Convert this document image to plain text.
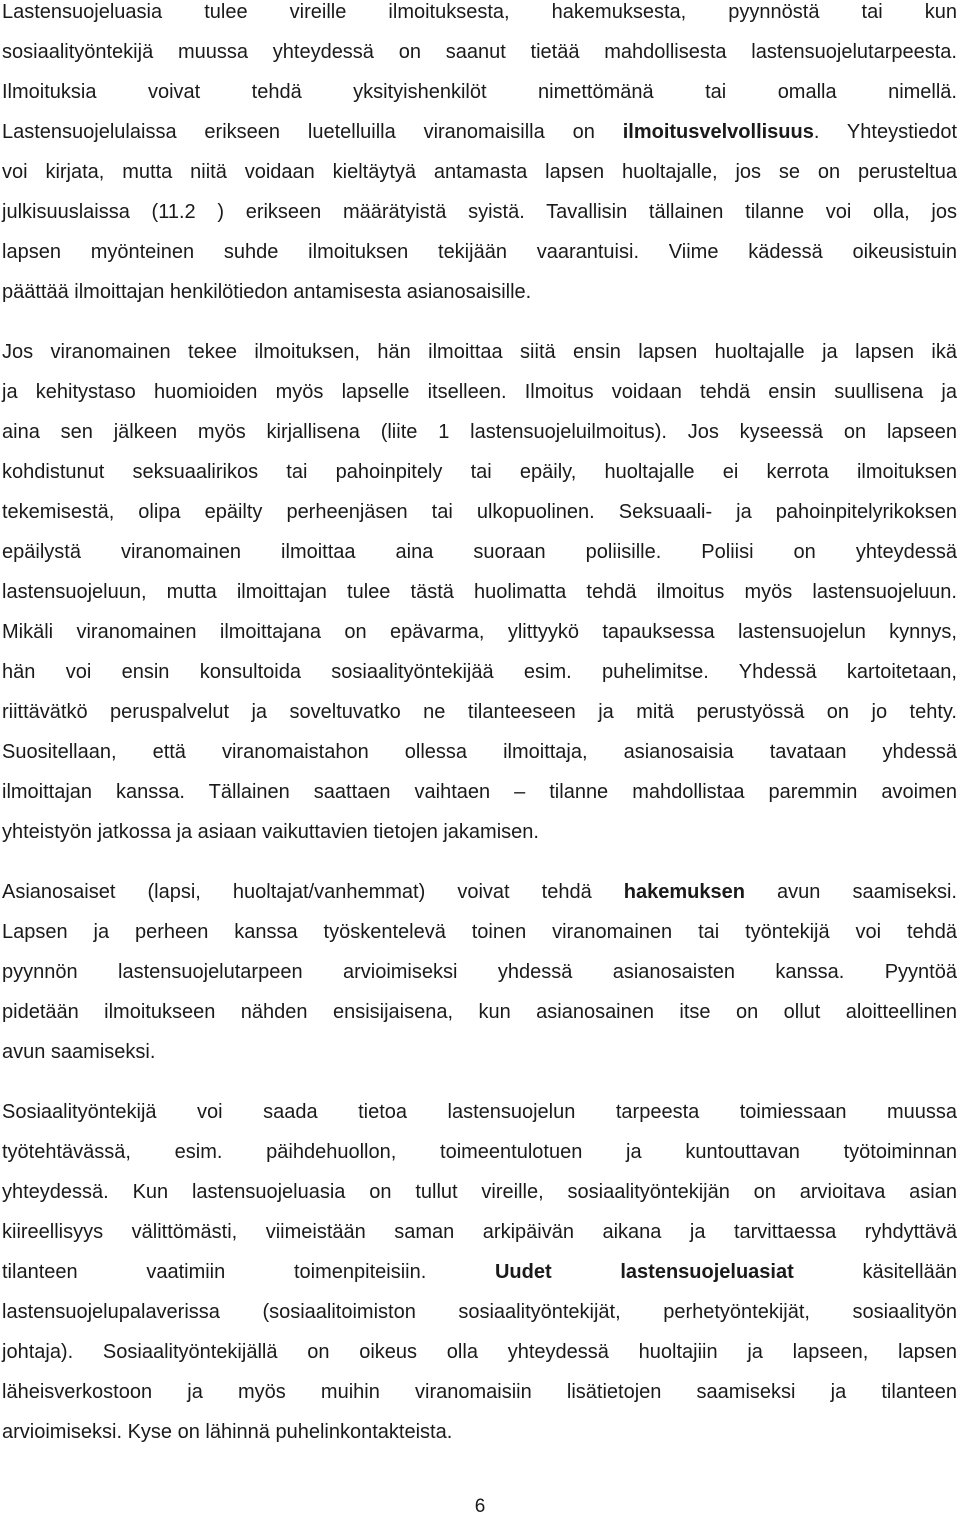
Lastensuojeluasia tulee vireille ilmoituksesta, hakemuksesta, pyynnöstä tai kun
sosiaalityöntekijä muussa yhteydessä on saanut tietää mahdollisesta lastensuojelutarpeesta.
Ilmoituksia voivat tehdä yksityishenkilöt nimettömänä tai omalla nimellä.
Lastensuojelulaissa erikseen luetelluilla viranomaisilla on ilmoitusvelvollisuus. Yhteystiedot
voi kirjata, mutta niitä voidaan kieltäytyä antamasta lapsen huoltajalle, jos se on perusteltua
julkisuuslaissa (11.2 ) erikseen määrätyistä syistä. Tavallisin tällainen tilanne voi olla, jos
lapsen myönteinen suhde ilmoituksen tekijään vaarantuisi. Viime kädessä oikeusistuin
päättää ilmoittajan henkilötiedon antamisesta asianosaisille.
Jos viranomainen tekee ilmoituksen, hän ilmoittaa siitä ensin lapsen huoltajalle ja lapsen ikä
ja kehitystaso huomioiden myös lapselle itselleen. Ilmoitus voidaan tehdä ensin suullisena ja
aina sen jälkeen myös kirjallisena (liite 1 lastensuojeluilmoitus). Jos kyseessä on lapseen
kohdistunut seksuaalirikos tai pahoinpitely tai epäily, huoltajalle ei kerrota ilmoituksen
tekemisestä, olipa epäilty perheenjäsen tai ulkopuolinen. Seksuaali- ja pahoinpitelyrikoksen
epäilystä viranomainen ilmoittaa aina suoraan poliisille. Poliisi on yhteydessä
lastensuojeluun, mutta ilmoittajan tulee tästä huolimatta tehdä ilmoitus myös lastensuojeluun.
Mikäli viranomainen ilmoittajana on epävarma, ylittyykö tapauksessa lastensuojelun kynnys,
hän voi ensin konsultoida sosiaalityöntekijää esim. puhelimitse. Yhdessä kartoitetaan,
riittävätkö peruspalvelut ja soveltuvatko ne tilanteeseen ja mitä perustyössä on jo tehty.
Suositellaan, että viranomaistahon ollessa ilmoittaja, asianosaisia tavataan yhdessä
ilmoittajan kanssa. Tällainen saattaen vaihtaen – tilanne mahdollistaa paremmin avoimen
yhteistyön jatkossa ja asiaan vaikuttavien tietojen jakamisen.
Asianosaiset (lapsi, huoltajat/vanhemmat) voivat tehdä hakemuksen avun saamiseksi.
Lapsen ja perheen kanssa työskentelevä toinen viranomainen tai työntekijä voi tehdä
pyynnön lastensuojelutarpeen arvioimiseksi yhdessä asianosaisten kanssa. Pyyntöä
pidetään ilmoitukseen nähden ensisijaisena, kun asianosainen itse on ollut aloitteellinen
avun saamiseksi.
Sosiaalityöntekijä voi saada tietoa lastensuojelun tarpeesta toimiessaan muussa
työtehtävässä, esim. päihdehuollon, toimeentulotuen ja kuntouttavan työtoiminnan
yhteydessä. Kun lastensuojeluasia on tullut vireille, sosiaalityöntekijän on arvioitava asian
kiireellisyys välittömästi, viimeistään saman arkipäivän aikana ja tarvittaessa ryhdyttävä
tilanteen vaatimiin toimenpiteisiin. Uudet lastensuojeluasiat käsitellään
lastensuojelupalaverissa (sosiaalitoimiston sosiaalityöntekijät, perhetyöntekijät, sosiaalityön
johtaja). Sosiaalityöntekijällä on oikeus olla yhteydessä huoltajiin ja lapseen, lapsen
läheisverkostoon ja myös muihin viranomaisiin lisätietojen saamiseksi ja tilanteen
arvioimiseksi. Kyse on lähinnä puhelinkontakteista.
6
